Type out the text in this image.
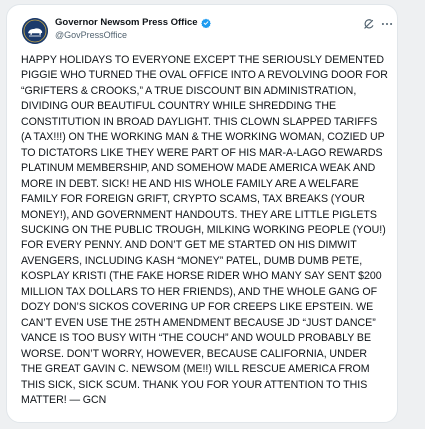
Governor Newsom Press Office
@GovPressOffice
HAPPY HOLIDAYS TO EVERYONE EXCEPT THE SERIOUSLY DEMENTED PIGGIE WHO TURNED THE OVAL OFFICE INTO A REVOLVING DOOR FOR “GRIFTERS & CROOKS,” A TRUE DISCOUNT BIN ADMINISTRATION, DIVIDING OUR BEAUTIFUL COUNTRY WHILE SHREDDING THE CONSTITUTION IN BROAD DAYLIGHT. THIS CLOWN SLAPPED TARIFFS (A TAX!!!) ON THE WORKING MAN & THE WORKING WOMAN, COZIED UP TO DICTATORS LIKE THEY WERE PART OF HIS MAR-A-LAGO REWARDS PLATINUM MEMBERSHIP, AND SOMEHOW MADE AMERICA WEAK AND MORE IN DEBT. SICK! HE AND HIS WHOLE FAMILY ARE A WELFARE FAMILY FOR FOREIGN GRIFT, CRYPTO SCAMS, TAX BREAKS (YOUR MONEY!), AND GOVERNMENT HANDOUTS. THEY ARE LITTLE PIGLETS SUCKING ON THE PUBLIC TROUGH, MILKING WORKING PEOPLE (YOU!) FOR EVERY PENNY. AND DON’T GET ME STARTED ON HIS DIMWIT AVENGERS, INCLUDING KASH “MONEY” PATEL, DUMB DUMB PETE, KOSPLAY KRISTI (THE FAKE HORSE RIDER WHO MANY SAY SENT $200 MILLION TAX DOLLARS TO HER FRIENDS), AND THE WHOLE GANG OF DOZY DON’S SICKOS COVERING UP FOR CREEPS LIKE EPSTEIN. WE CAN’T EVEN USE THE 25TH AMENDMENT BECAUSE JD “JUST DANCE” VANCE IS TOO BUSY WITH “THE COUCH” AND WOULD PROBABLY BE WORSE. DON’T WORRY, HOWEVER, BECAUSE CALIFORNIA, UNDER THE GREAT GAVIN C. NEWSOM (ME!!) WILL RESCUE AMERICA FROM THIS SICK, SICK SCUM. THANK YOU FOR YOUR ATTENTION TO THIS MATTER! — GCN
